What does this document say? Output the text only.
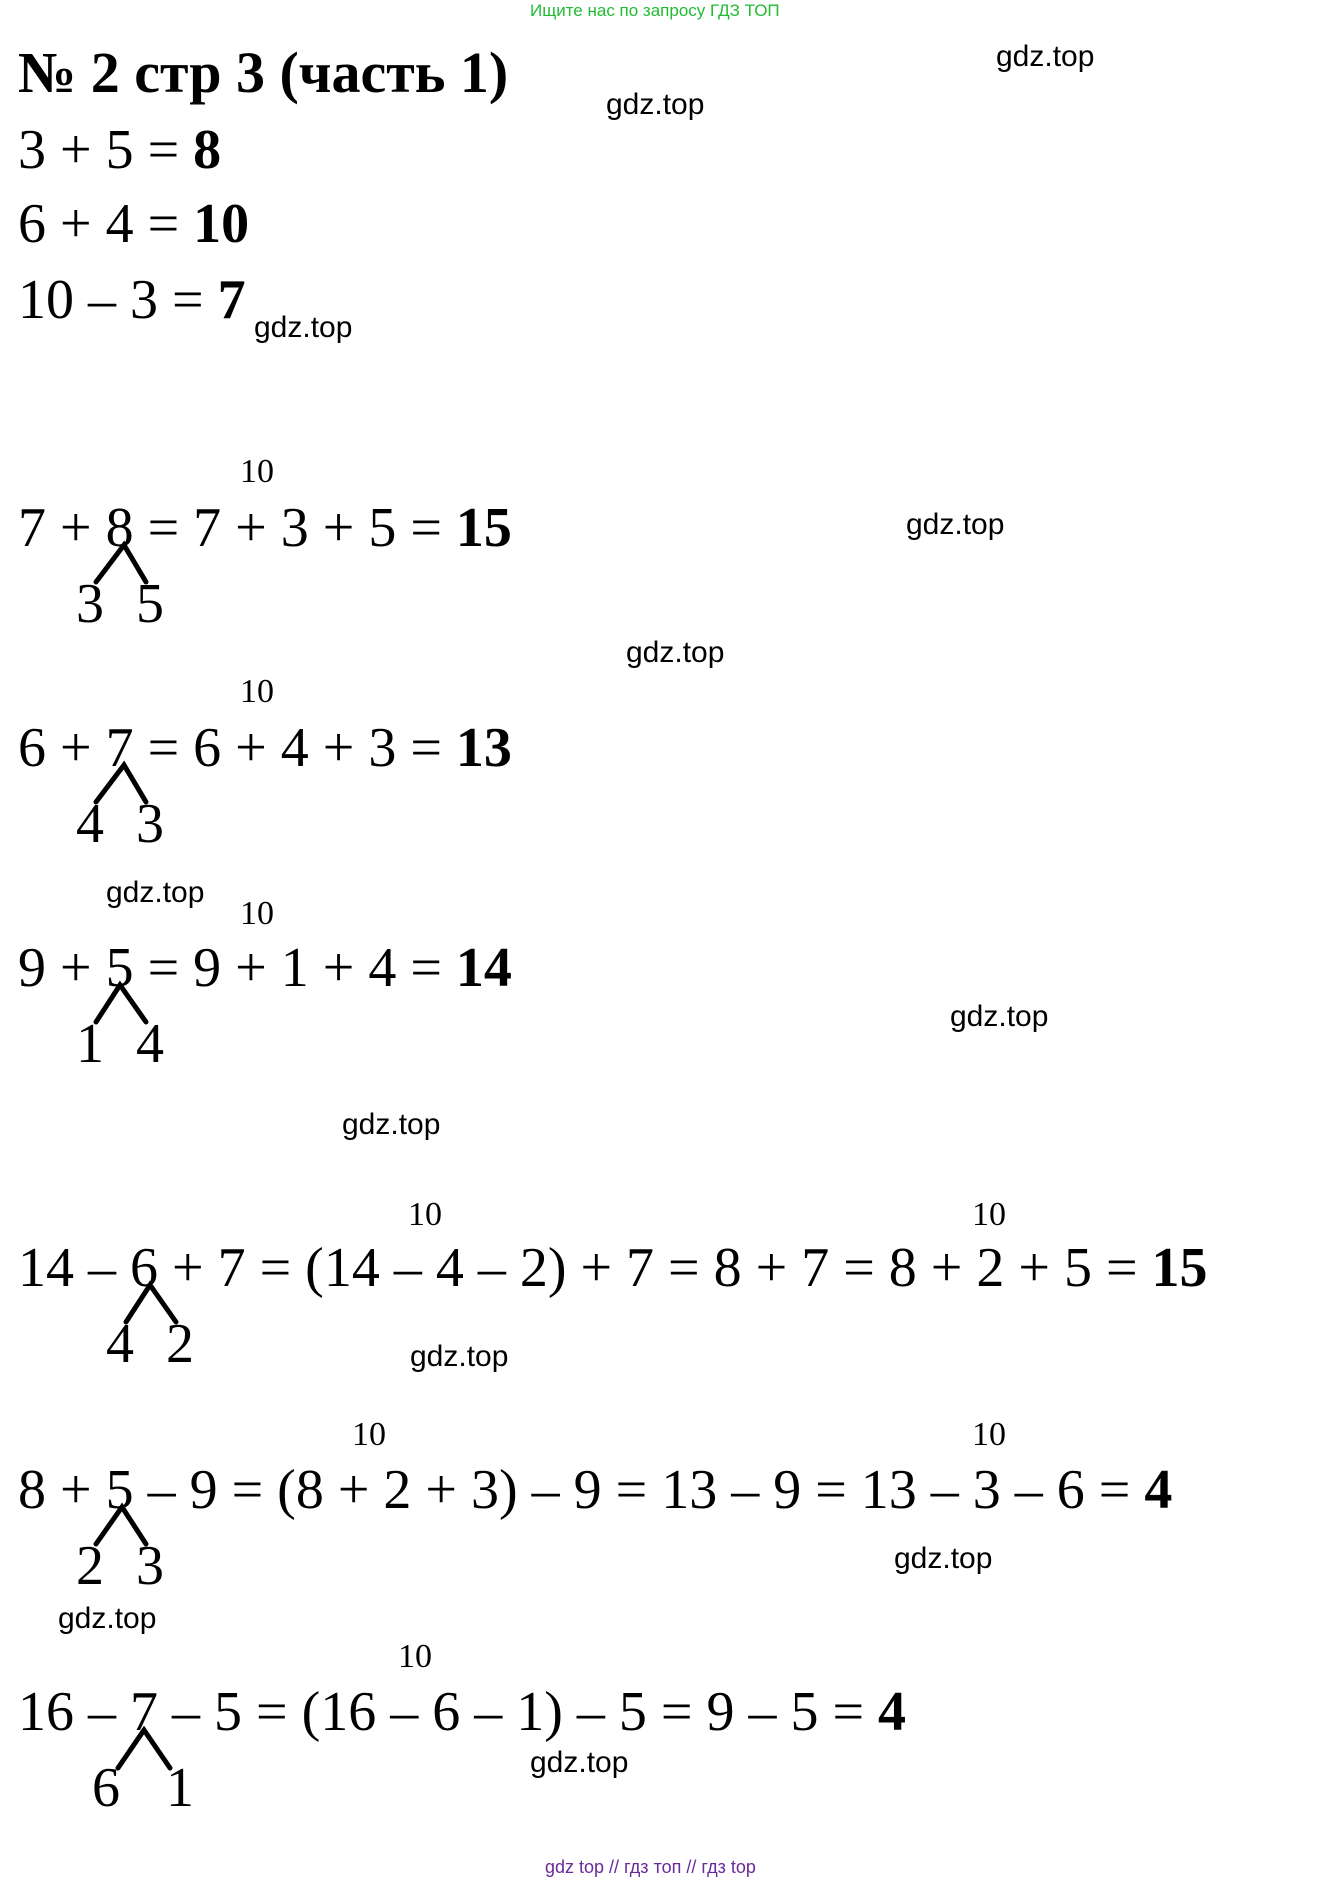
Ищите нас по запросу ГДЗ ТОП
№ 2 стр 3 (часть 1)
3 + 5 = 8
6 + 4 = 10
10 – 3 = 7
10
7 + 8 = 7 + 3 + 5 = 15
3 5
10
6 + 7 = 6 + 4 + 3 = 13
4 3
10
9 + 5 = 9 + 1 + 4 = 14
1 4
10	10
14 – 6 + 7 = (14 – 4 – 2) + 7 = 8 + 7 = 8 + 2 + 5 = 15
4 2
10	10
8 + 5 – 9 = (8 + 2 + 3) – 9 = 13 – 9 = 13 – 3 – 6 = 4
2 3
10
16 – 7 – 5 = (16 – 6 – 1) – 5 = 9 – 5 = 4
6 1
gdz.top
gdz.top
gdz.top
gdz.top
gdz.top
gdz.top
gdz.top
gdz.top
gdz.top
gdz.top
gdz.top
gdz.top
gdz top // гдз топ // гдз top
